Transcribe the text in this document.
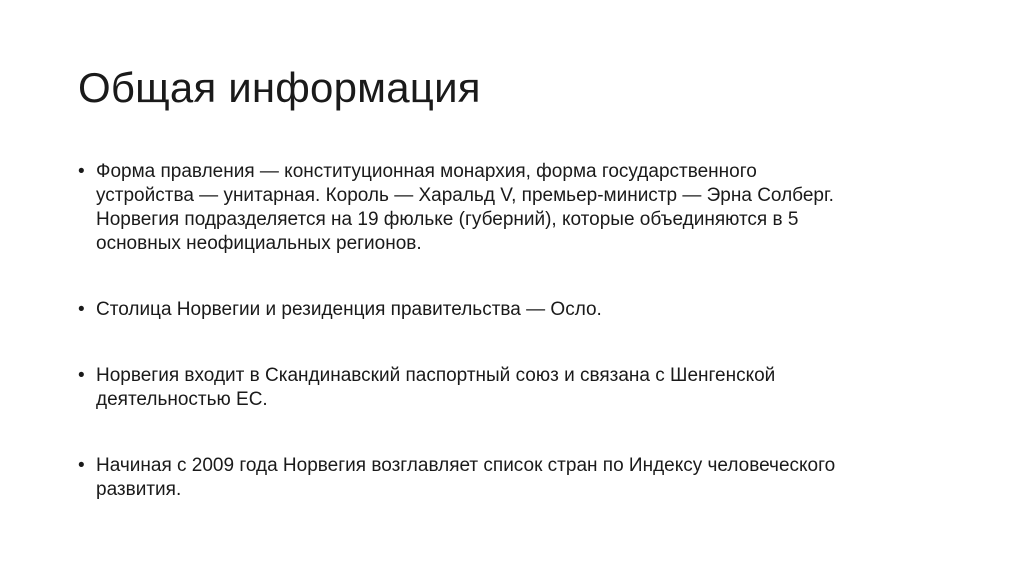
Общая информация
• Форма правления — конституционная монархия, форма государственного
устройства — унитарная. Король — Харальд V, премьер-министр — Эрна Солберг.
Норвегия подразделяется на 19 фюльке (губерний), которые объединяются в 5
основных неофициальных регионов.
• Столица Норвегии и резиденция правительства — Осло.
• Норвегия входит в Скандинавский паспортный союз и связана с Шенгенской
деятельностью ЕС.
• Начиная с 2009 года Норвегия возглавляет список стран по Индексу человеческого
развития.
